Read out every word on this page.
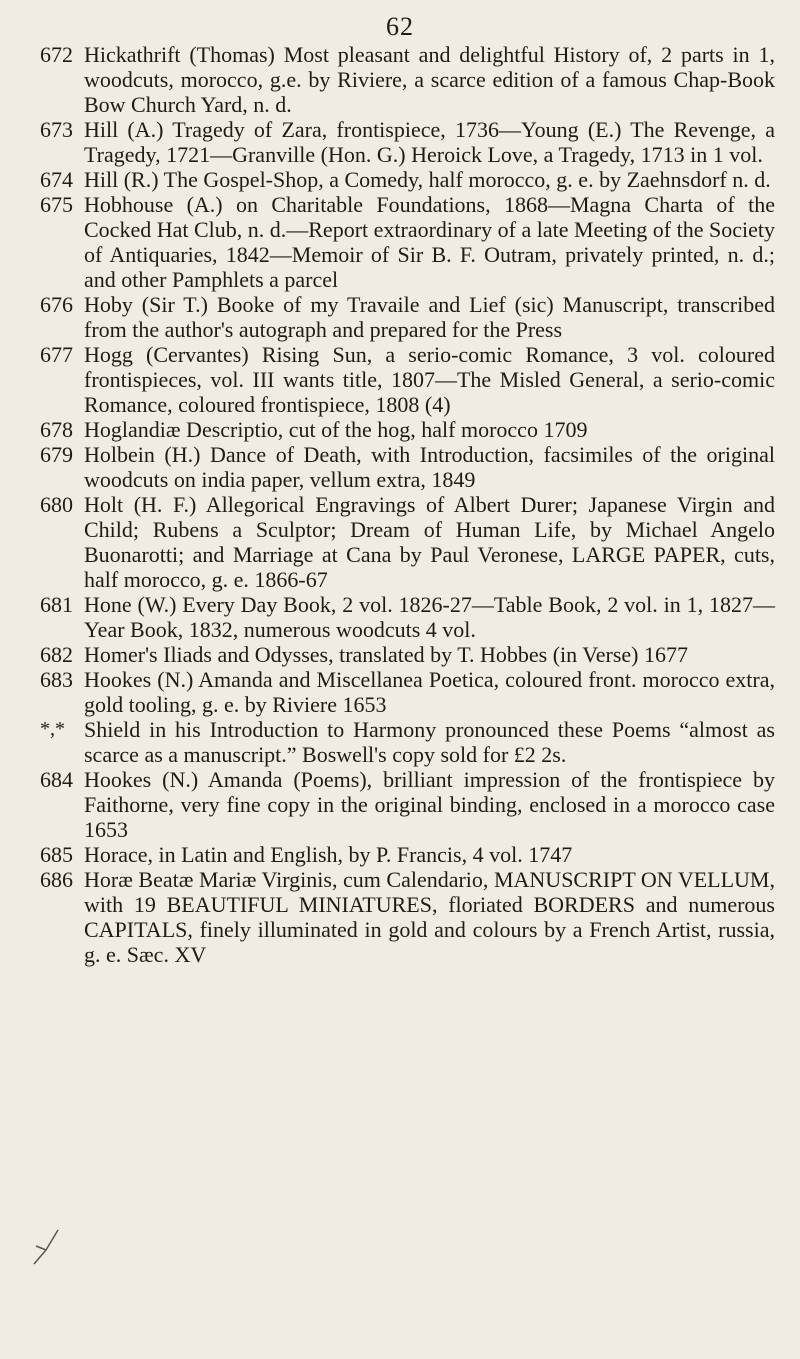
62
672 Hickathrift (Thomas) Most pleasant and delightful History of, 2 parts in 1, woodcuts, morocco, g.e. by Riviere, a scarce edition of a famous Chap-Book Bow Church Yard, n. d.
673 Hill (A.) Tragedy of Zara, frontispiece, 1736—Young (E.) The Revenge, a Tragedy, 1721—Granville (Hon. G.) Heroick Love, a Tragedy, 1713 in 1 vol.
674 Hill (R.) The Gospel-Shop, a Comedy, half morocco, g. e. by Zaehnsdorf n. d.
675 Hobhouse (A.) on Charitable Foundations, 1868—Magna Charta of the Cocked Hat Club, n. d.—Report extraordinary of a late Meeting of the Society of Antiquaries, 1842—Memoir of Sir B. F. Outram, privately printed, n. d.; and other Pamphlets a parcel
676 Hoby (Sir T.) Booke of my Travaile and Lief (sic) Manuscript, transcribed from the author's autograph and prepared for the Press
677 Hogg (Cervantes) Rising Sun, a serio-comic Romance, 3 vol. coloured frontispieces, vol. III wants title, 1807—The Misled General, a serio-comic Romance, coloured frontispiece, 1808 (4)
678 Hoglandiæ Descriptio, cut of the hog, half morocco 1709
679 Holbein (H.) Dance of Death, with Introduction, facsimiles of the original woodcuts on india paper, vellum extra, 1849
680 Holt (H. F.) Allegorical Engravings of Albert Durer; Japanese Virgin and Child; Rubens a Sculptor; Dream of Human Life, by Michael Angelo Buonarotti; and Marriage at Cana by Paul Veronese, LARGE PAPER, cuts, half morocco, g. e. 1866-67
681 Hone (W.) Every Day Book, 2 vol. 1826-27—Table Book, 2 vol. in 1, 1827—Year Book, 1832, numerous woodcuts 4 vol.
682 Homer's Iliads and Odysses, translated by T. Hobbes (in Verse) 1677
683 Hookes (N.) Amanda and Miscellanea Poetica, coloured front. morocco extra, gold tooling, g. e. by Riviere 1653
*,* Shield in his Introduction to Harmony pronounced these Poems “almost as scarce as a manuscript.” Boswell's copy sold for £2 2s.
684 Hookes (N.) Amanda (Poems), brilliant impression of the frontispiece by Faithorne, very fine copy in the original binding, enclosed in a morocco case 1653
685 Horace, in Latin and English, by P. Francis, 4 vol. 1747
686 Horæ Beatæ Mariæ Virginis, cum Calendario, MANUSCRIPT ON VELLUM, with 19 BEAUTIFUL MINIATURES, floriated BORDERS and numerous CAPITALS, finely illuminated in gold and colours by a French Artist, russia, g. e. Sæc. XV
